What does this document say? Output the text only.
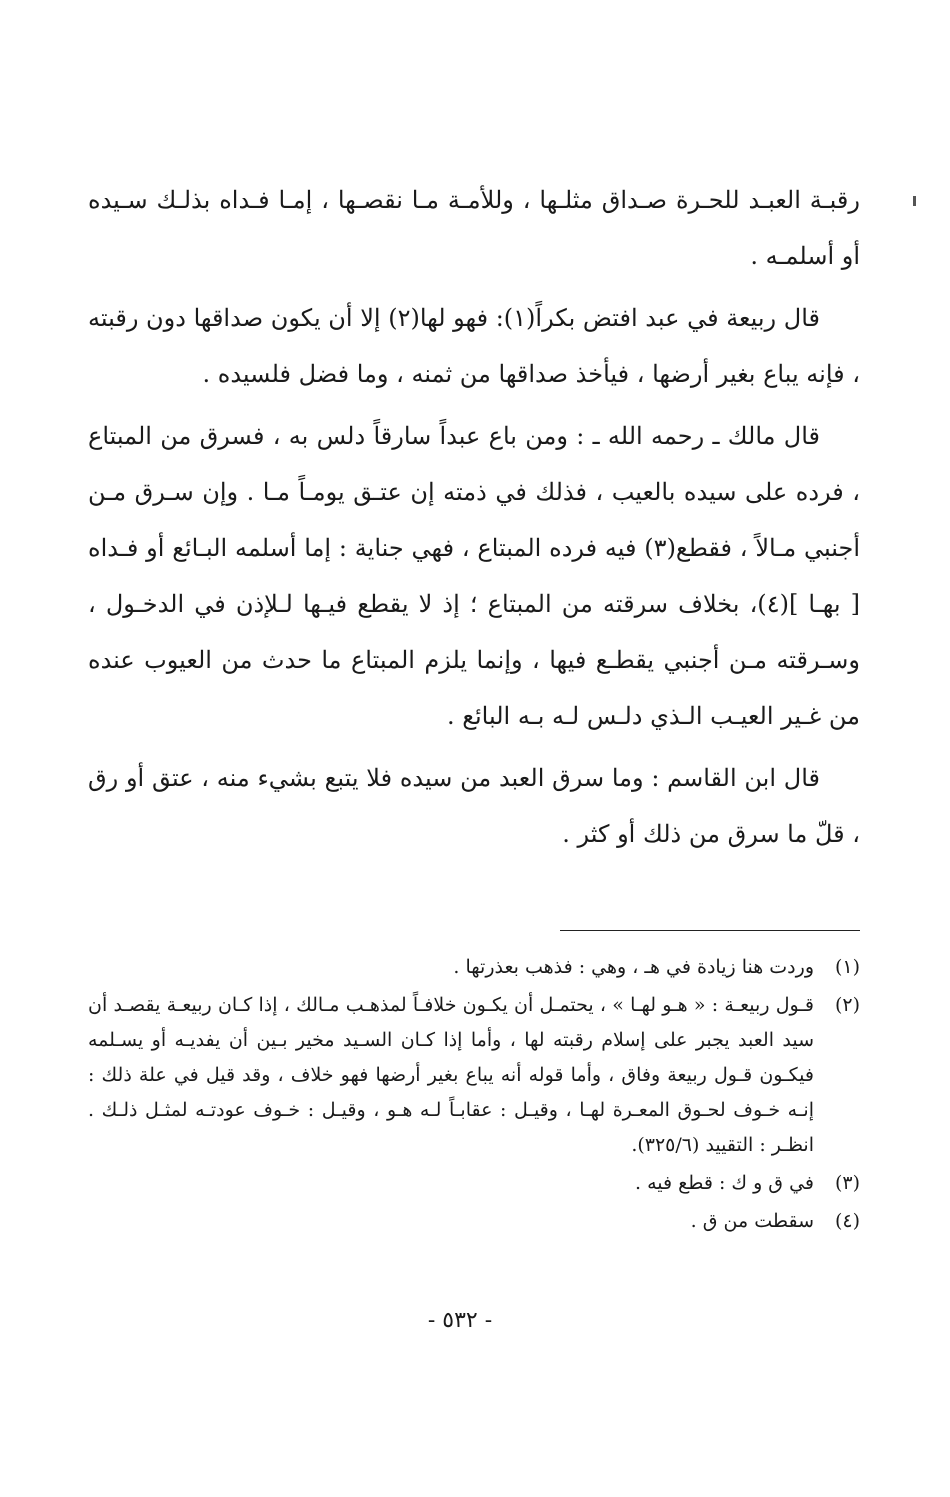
رقبـة العبـد للحـرة صـداق مثلـها ، وللأمـة مـا نقصـها ، إمـا فـداه بذلـك سـيده أو أسلمـه .

قال ربيعة في عبد افتض بكراً(١): فهو لها(٢) إلا أن يكون صداقها دون رقبته ، فإنه يباع بغير أرضها ، فيأخذ صداقها من ثمنه ، وما فضل فلسيده .

قال مالك ـ رحمه الله ـ : ومن باع عبداً سارقاً دلس به ، فسرق من المبتاع ، فرده على سيده بالعيب ، فذلك في ذمته إن عتـق يومـاً مـا . وإن سـرق مـن أجنبي مـالاً ، فقطع(٣) فيه فرده المبتاع ، فهي جناية : إما أسلمه البـائع أو فـداه [ بهـا ](٤)، بخلاف سرقته من المبتاع ؛ إذ لا يقطع فيـها لـلإذن في الدخـول ، وسـرقته مـن أجنبي يقطـع فيها ، وإنما يلزم المبتاع ما حدث من العيوب عنده من غـير العيـب الـذي دلـس لـه بـه البائع .

قال ابن القاسم : وما سرق العبد من سيده فلا يتبع بشيء منه ، عتق أو رق ، قلّ ما سرق من ذلك أو كثر .

(١)
وردت هنا زيادة في هـ ، وهي : فذهب بعذرتها .
(٢)
قـول ربيعـة : « هـو لهـا » ، يحتمـل أن يكـون خلافـاً لمذهـب مـالك ، إذا كـان ربيعـة يقصـد أن سيد العبد يجبر على إسلام رقبته لها ، وأما إذا كـان السـيد مخير بـين أن يفديـه أو يسـلمه فيكـون قـول ربيعة وفاق ، وأما قوله أنه يباع بغير أرضها فهو خلاف ، وقد قيل في علة ذلك : إنـه خـوف لحـوق المعـرة لهـا ، وقيـل : عقابـاً لـه هـو ، وقيـل : خـوف عودتـه لمثـل ذلـك . انظـر : التقييد (٣٢٥/٦).
(٣)
في ق و ك : قطع فيه .
(٤)
سقطت من ق .
- ٥٣٢ -
